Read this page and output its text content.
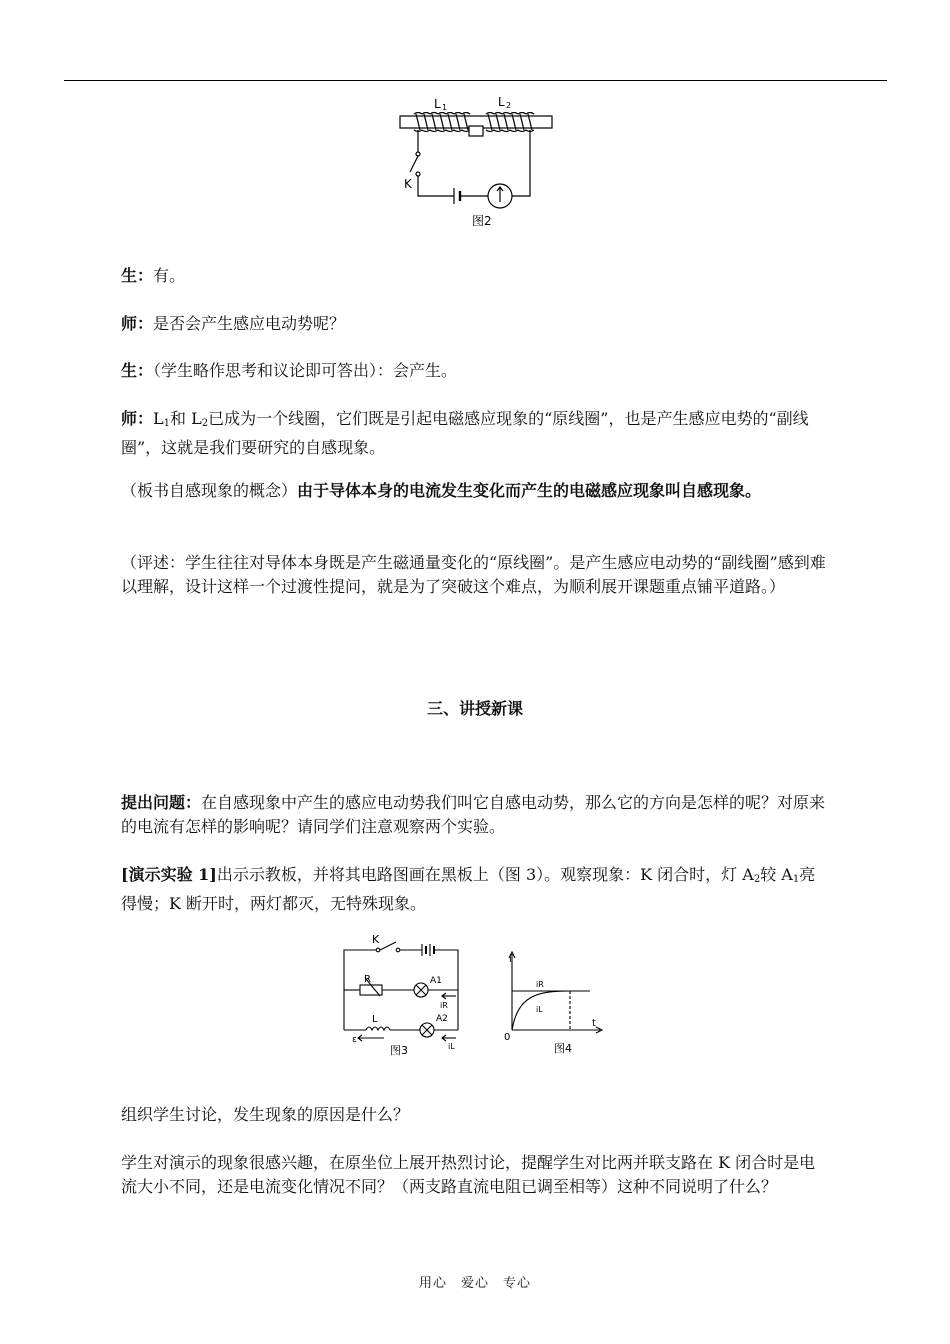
L 1	L 2
K
图2

生：有。

师：是否会产生感应电动势呢？

生：（学生略作思考和议论即可答出）：会产生。

师：$L_1$和 $L_2$已成为一个线圈，它们既是引起电磁感应现象的“原线圈”，也是产生感应电势的“副线圈”，这就是我们要研究的自感现象。

（板书自感现象的概念）由于导体本身的电流发生变化而产生的电磁感应现象叫自感现象。

（评述：学生往往对导体本身既是产生磁通量变化的“原线圈”。是产生感应电动势的“副线圈”感到难以理解，设计这样一个过渡性提问，就是为了突破这个难点，为顺利展开课题重点铺平道路。）

三、讲授新课

提出问题：在自感现象中产生的感应电动势我们叫它自感电动势，那么它的方向是怎样的呢？对原来的电流有怎样的影响呢？请同学们注意观察两个实验。

[演示实验 1]出示示教板，并将其电路图画在黑板上（图 3）。观察现象：K 闭合时，灯 $A_2$较 $A_1$亮得慢；K 断开时，两灯都灭，无特殊现象。

K
R
L
A1
A2
iR
iL
ε
图3
i
t
0
iR
iL
图4

组织学生讨论，发生现象的原因是什么？

学生对演示的现象很感兴趣，在原坐位上展开热烈讨论，提醒学生对比两并联支路在 K 闭合时是电流大小不同，还是电流变化情况不同？（两支路直流电阻已调至相等）这种不同说明了什么？

用心　爱心　专心
